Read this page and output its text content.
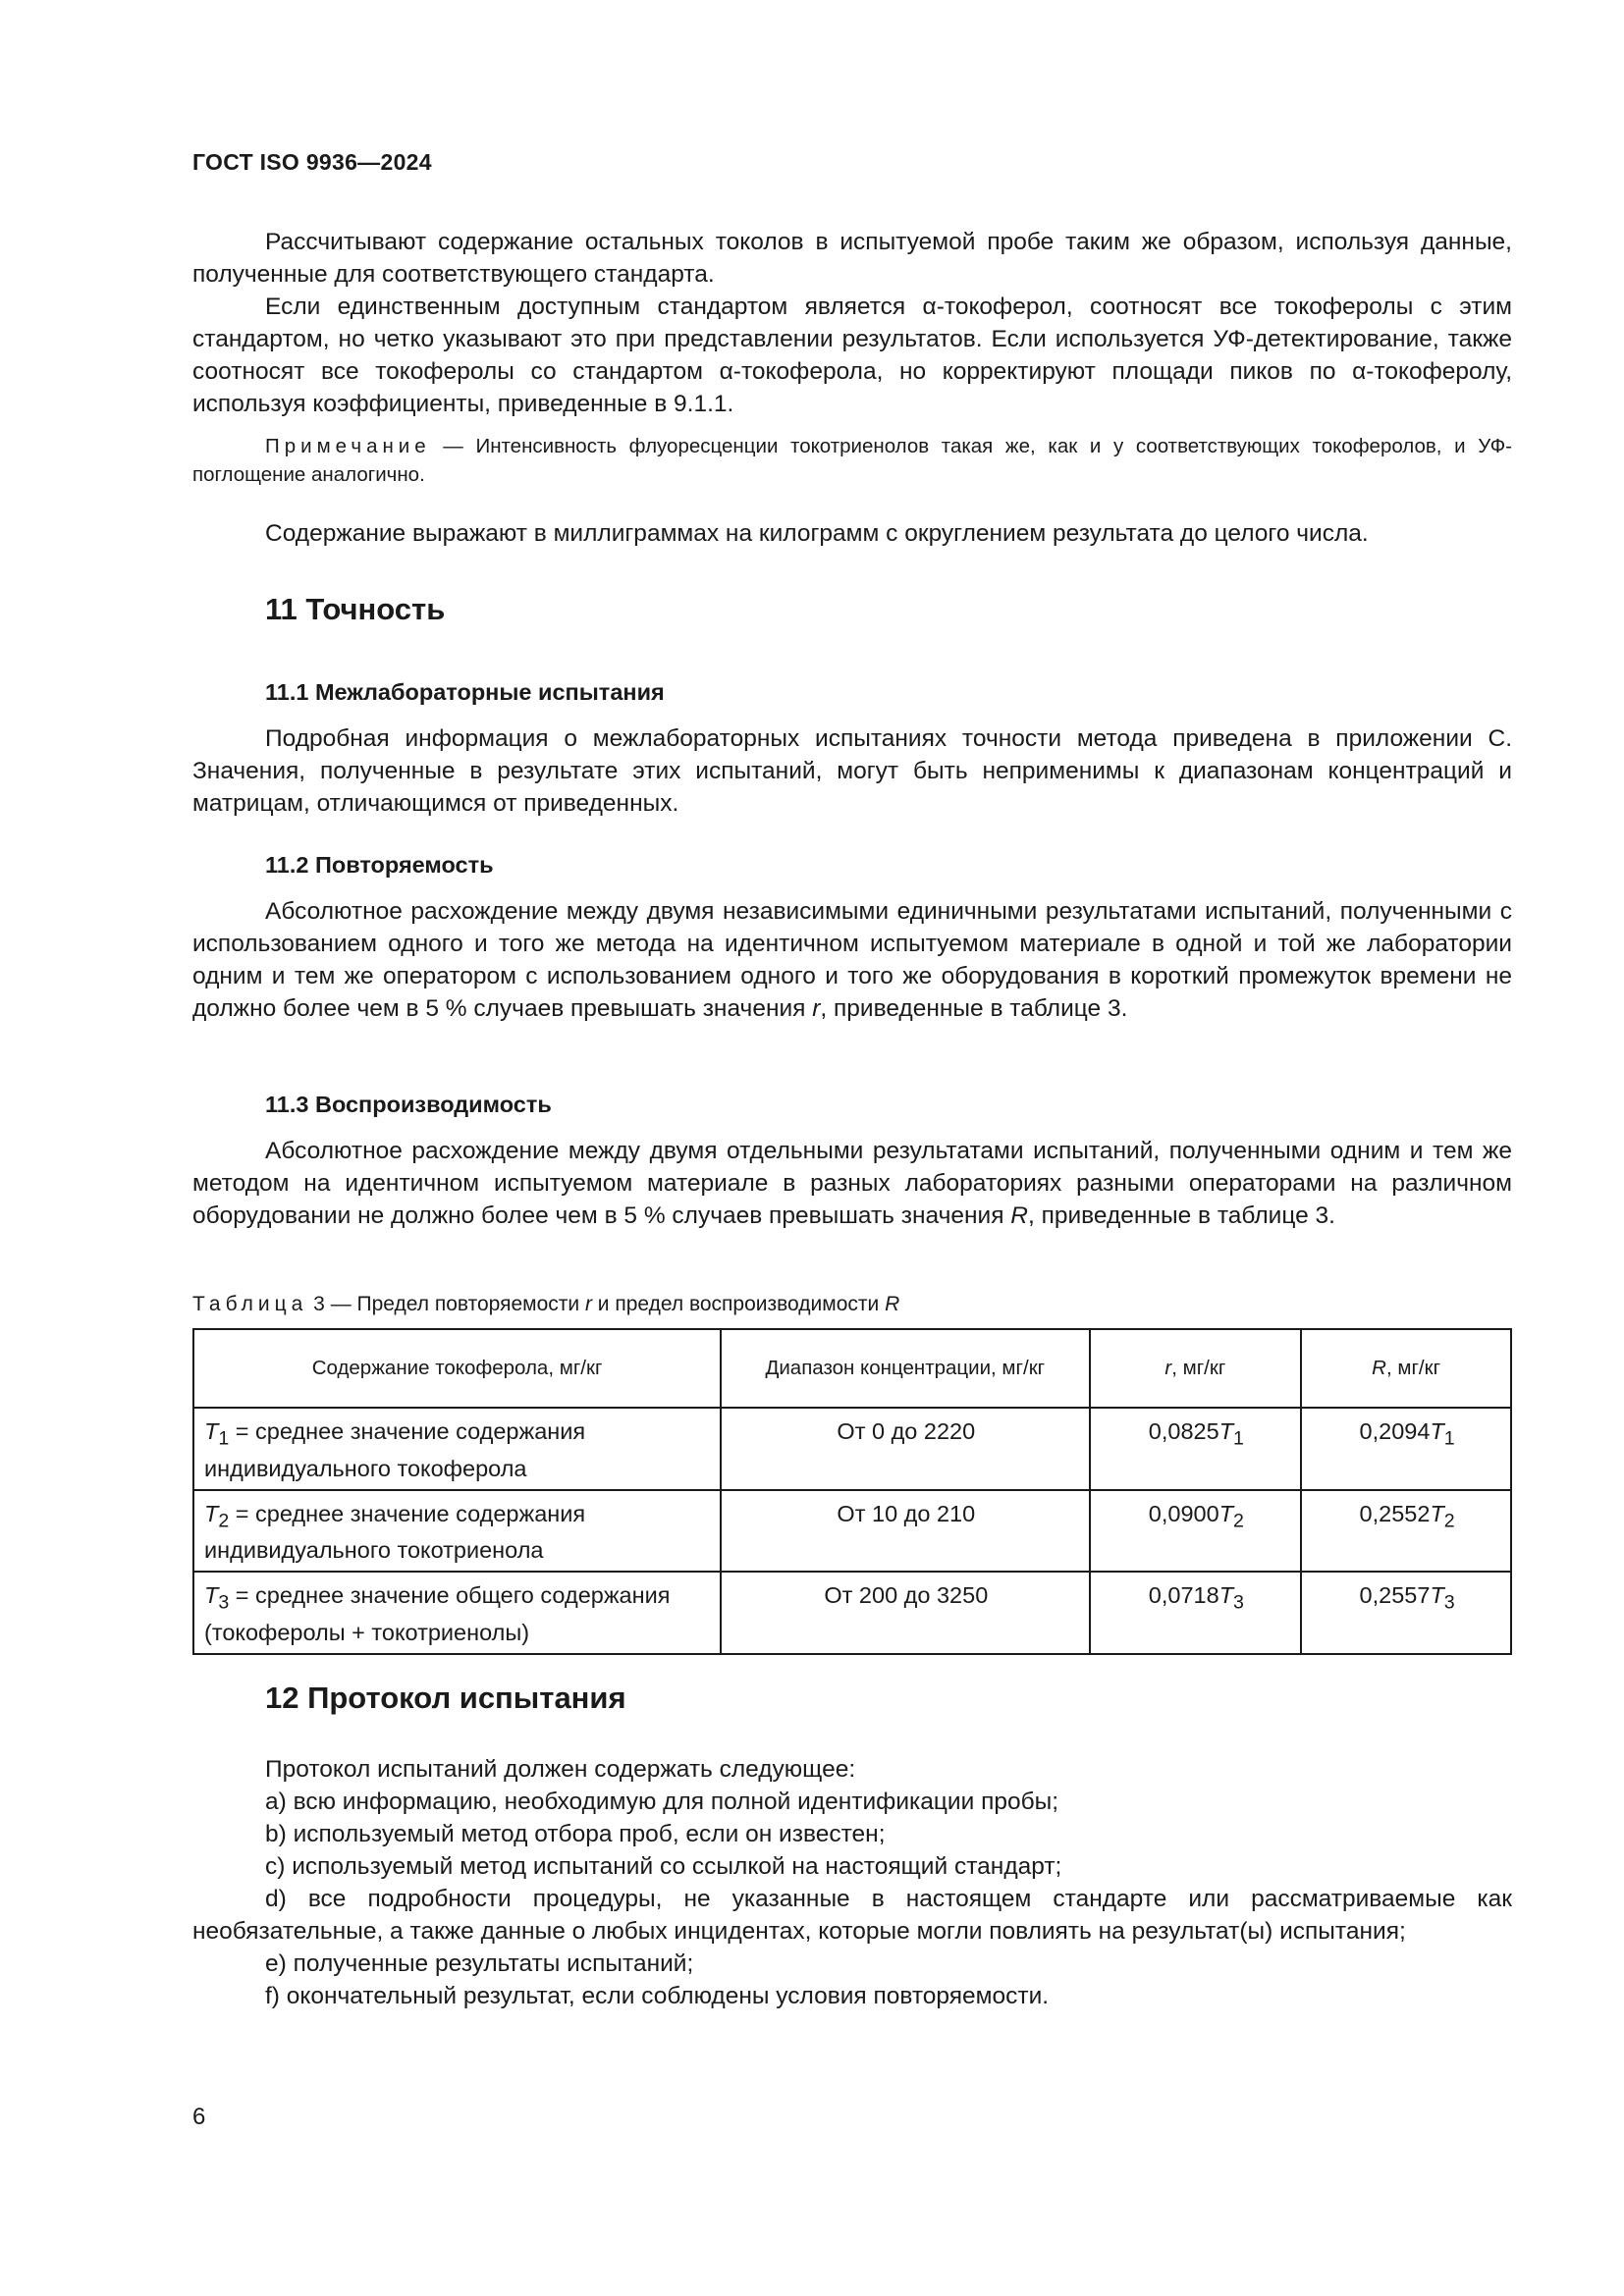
ГОСТ ISO 9936—2024

Рассчитывают содержание остальных токолов в испытуемой пробе таким же образом, используя данные, полученные для соответствующего стандарта.

Если единственным доступным стандартом является α-токоферол, соотносят все токоферолы с этим стандартом, но четко указывают это при представлении результатов. Если используется УФ-детектирование, также соотносят все токоферолы со стандартом α-токоферола, но корректируют площади пиков по α-токоферолу, используя коэффициенты, приведенные в 9.1.1.

Примечание — Интенсивность флуоресценции токотриенолов такая же, как и у соответствующих токоферолов, и УФ-поглощение аналогично.

Содержание выражают в миллиграммах на килограмм с округлением результата до целого числа.

11 Точность
11.1 Межлабораторные испытания

Подробная информация о межлабораторных испытаниях точности метода приведена в приложении C. Значения, полученные в результате этих испытаний, могут быть неприменимы к диапазонам концентраций и матрицам, отличающимся от приведенных.

11.2 Повторяемость

Абсолютное расхождение между двумя независимыми единичными результатами испытаний, полученными с использованием одного и того же метода на идентичном испытуемом материале в одной и той же лаборатории одним и тем же оператором с использованием одного и того же оборудования в короткий промежуток времени не должно более чем в 5 % случаев превышать значения r, приведенные в таблице 3.

11.3 Воспроизводимость

Абсолютное расхождение между двумя отдельными результатами испытаний, полученными одним и тем же методом на идентичном испытуемом материале в разных лабораториях разными операторами на различном оборудовании не должно более чем в 5 % случаев превышать значения R, приведенные в таблице 3.

Таблица 3 — Предел повторяемости r и предел воспроизводимости R
Содержание токоферола, мг/кг	Диапазон концентрации, мг/кг	r, мг/кг	R, мг/кг
$T_1$ = среднее значение содержания индивидуального токоферола	От 0 до 2220	$0,0825T_1$	$0,2094T_1$
$T_2$ = среднее значение содержания индивидуального токотриенола	От 10 до 210	$0,0900T_2$	$0,2552T_2$
$T_3$ = среднее значение общего содержания (токоферолы + токотриенолы)	От 200 до 3250	$0,0718T_3$	$0,2557T_3$
12 Протокол испытания

Протокол испытаний должен содержать следующее:

a) всю информацию, необходимую для полной идентификации пробы;

b) используемый метод отбора проб, если он известен;

c) используемый метод испытаний со ссылкой на настоящий стандарт;

d) все подробности процедуры, не указанные в настоящем стандарте или рассматриваемые как необязательные, а также данные о любых инцидентах, которые могли повлиять на результат(ы) испытания;

e) полученные результаты испытаний;

f) окончательный результат, если соблюдены условия повторяемости.

6
